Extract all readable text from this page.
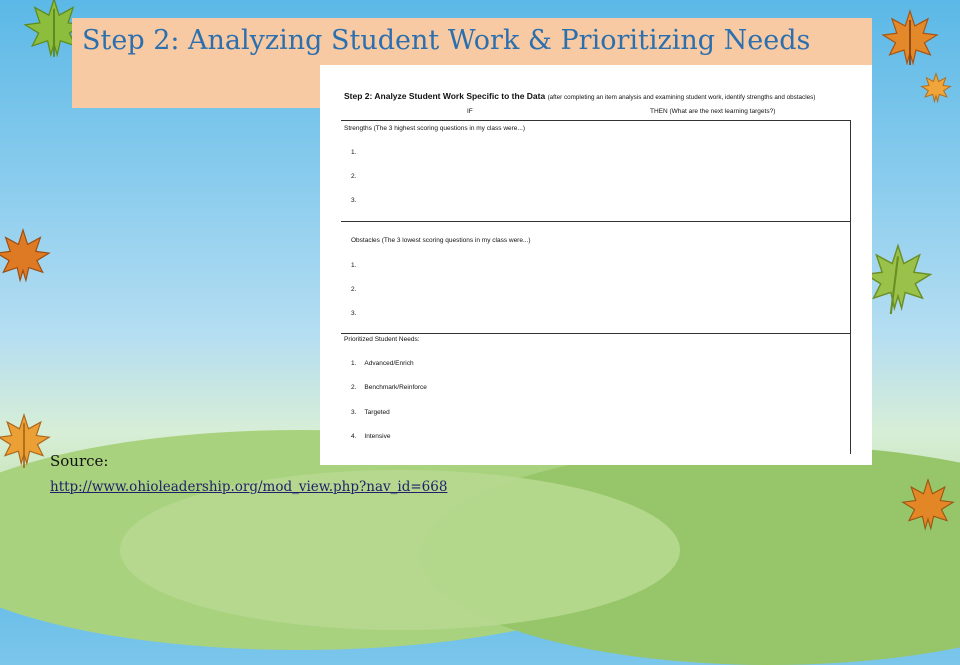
Step 2: Analyzing Student Work & Prioritizing Needs
Step 2: Analyze Student Work Specific to the Data (after completing an item analysis and examining student work, identify strengths and obstacles)
IF	THEN (What are the next learning targets?)
Strengths (The 3 highest scoring questions in my class were...)
1.
2.
3.
Obstacles (The 3 lowest scoring questions in my class were...)
1.
2.
3.
Prioritized Student Needs:
1. Advanced/Enrich
2. Benchmark/Reinforce
3. Targeted
4. Intensive
Source:
http://www.ohioleadership.org/mod_view.php?nav_id=668
